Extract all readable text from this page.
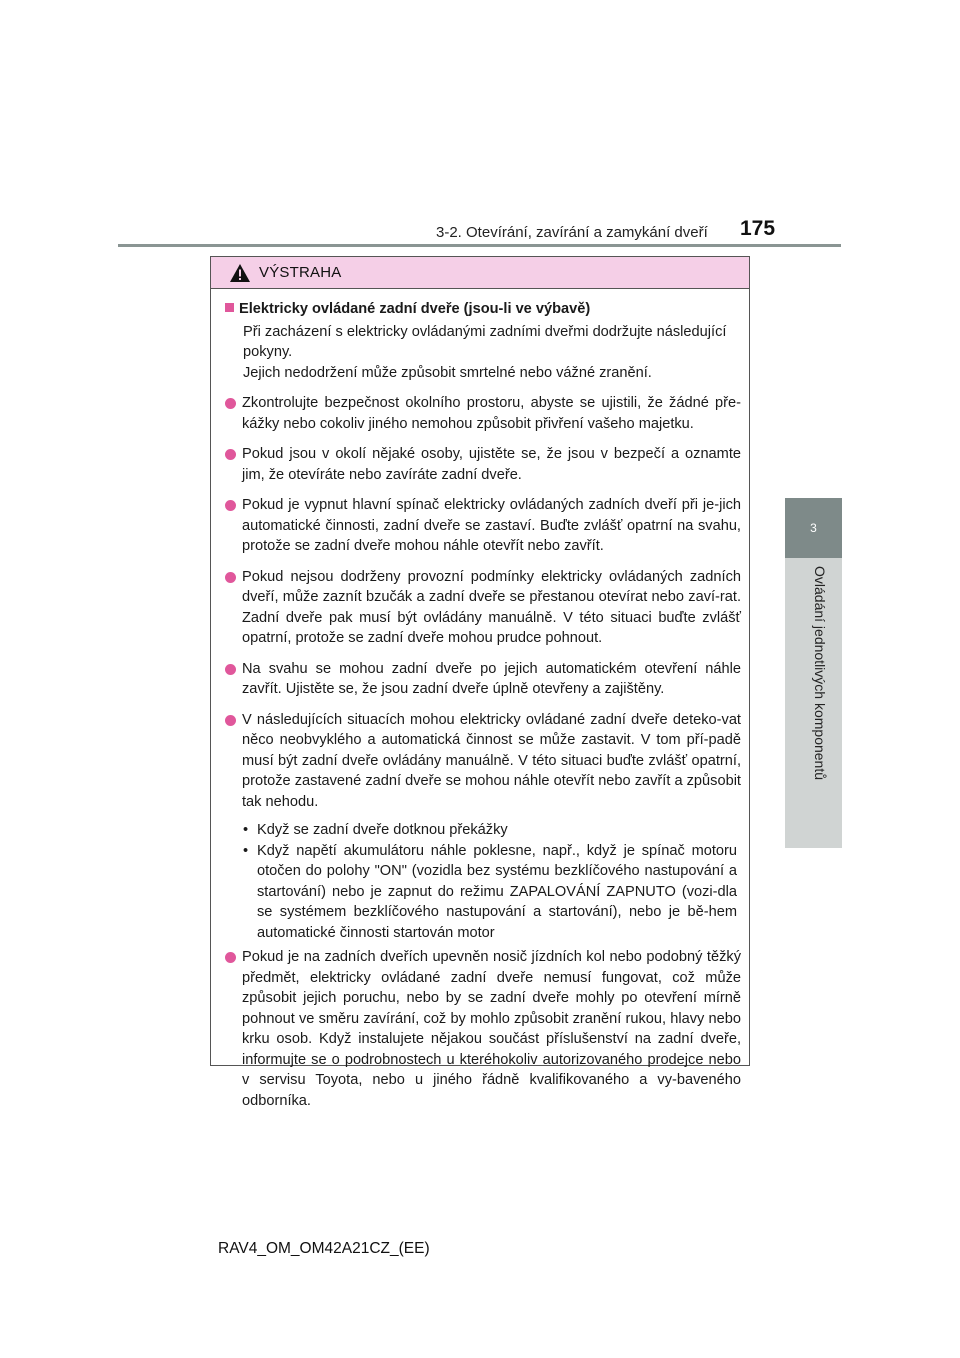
3-2. Otevírání, zavírání a zamykání dveří 175
3
Ovládání jednotlivých komponentů
VÝSTRAHA
Elektricky ovládané zadní dveře (jsou-li ve výbavě)
Při zacházení s elektricky ovládanými zadními dveřmi dodržujte následující pokyny.
Jejich nedodržení může způsobit smrtelné nebo vážné zranění.
Zkontrolujte bezpečnost okolního prostoru, abyste se ujistili, že žádné pře-kážky nebo cokoliv jiného nemohou způsobit přivření vašeho majetku.
Pokud jsou v okolí nějaké osoby, ujistěte se, že jsou v bezpečí a oznamte jim, že otevíráte nebo zavíráte zadní dveře.
Pokud je vypnut hlavní spínač elektricky ovládaných zadních dveří při je-jich automatické činnosti, zadní dveře se zastaví. Buďte zvlášť opatrní na svahu, protože se zadní dveře mohou náhle otevřít nebo zavřít.
Pokud nejsou dodrženy provozní podmínky elektricky ovládaných zadních dveří, může zaznít bzučák a zadní dveře se přestanou otevírat nebo zaví-rat. Zadní dveře pak musí být ovládány manuálně. V této situaci buďte zvlášť opatrní, protože se zadní dveře mohou prudce pohnout.
Na svahu se mohou zadní dveře po jejich automatickém otevření náhle zavřít. Ujistěte se, že jsou zadní dveře úplně otevřeny a zajištěny.
V následujících situacích mohou elektricky ovládané zadní dveře deteko-vat něco neobvyklého a automatická činnost se může zastavit. V tom pří-padě musí být zadní dveře ovládány manuálně. V této situaci buďte zvlášť opatrní, protože zastavené zadní dveře se mohou náhle otevřít nebo zavřít a způsobit tak nehodu.
• Když se zadní dveře dotknou překážky
• Když napětí akumulátoru náhle poklesne, např., když je spínač motoru otočen do polohy "ON" (vozidla bez systému bezklíčového nastupování a startování) nebo je zapnut do režimu ZAPALOVÁNÍ ZAPNUTO (vozi-dla se systémem bezklíčového nastupování a startování), nebo je bě-hem automatické činnosti startován motor
Pokud je na zadních dveřích upevněn nosič jízdních kol nebo podobný těžký předmět, elektricky ovládané zadní dveře nemusí fungovat, což může způsobit jejich poruchu, nebo by se zadní dveře mohly po otevření mírně pohnout ve směru zavírání, což by mohlo způsobit zranění rukou, hlavy nebo krku osob. Když instalujete nějakou součást příslušenství na zadní dveře, informujte se o podrobnostech u kteréhokoliv autorizovaného prodejce nebo v servisu Toyota, nebo u jiného řádně kvalifikovaného a vy-baveného odborníka.
RAV4_OM_OM42A21CZ_(EE)
